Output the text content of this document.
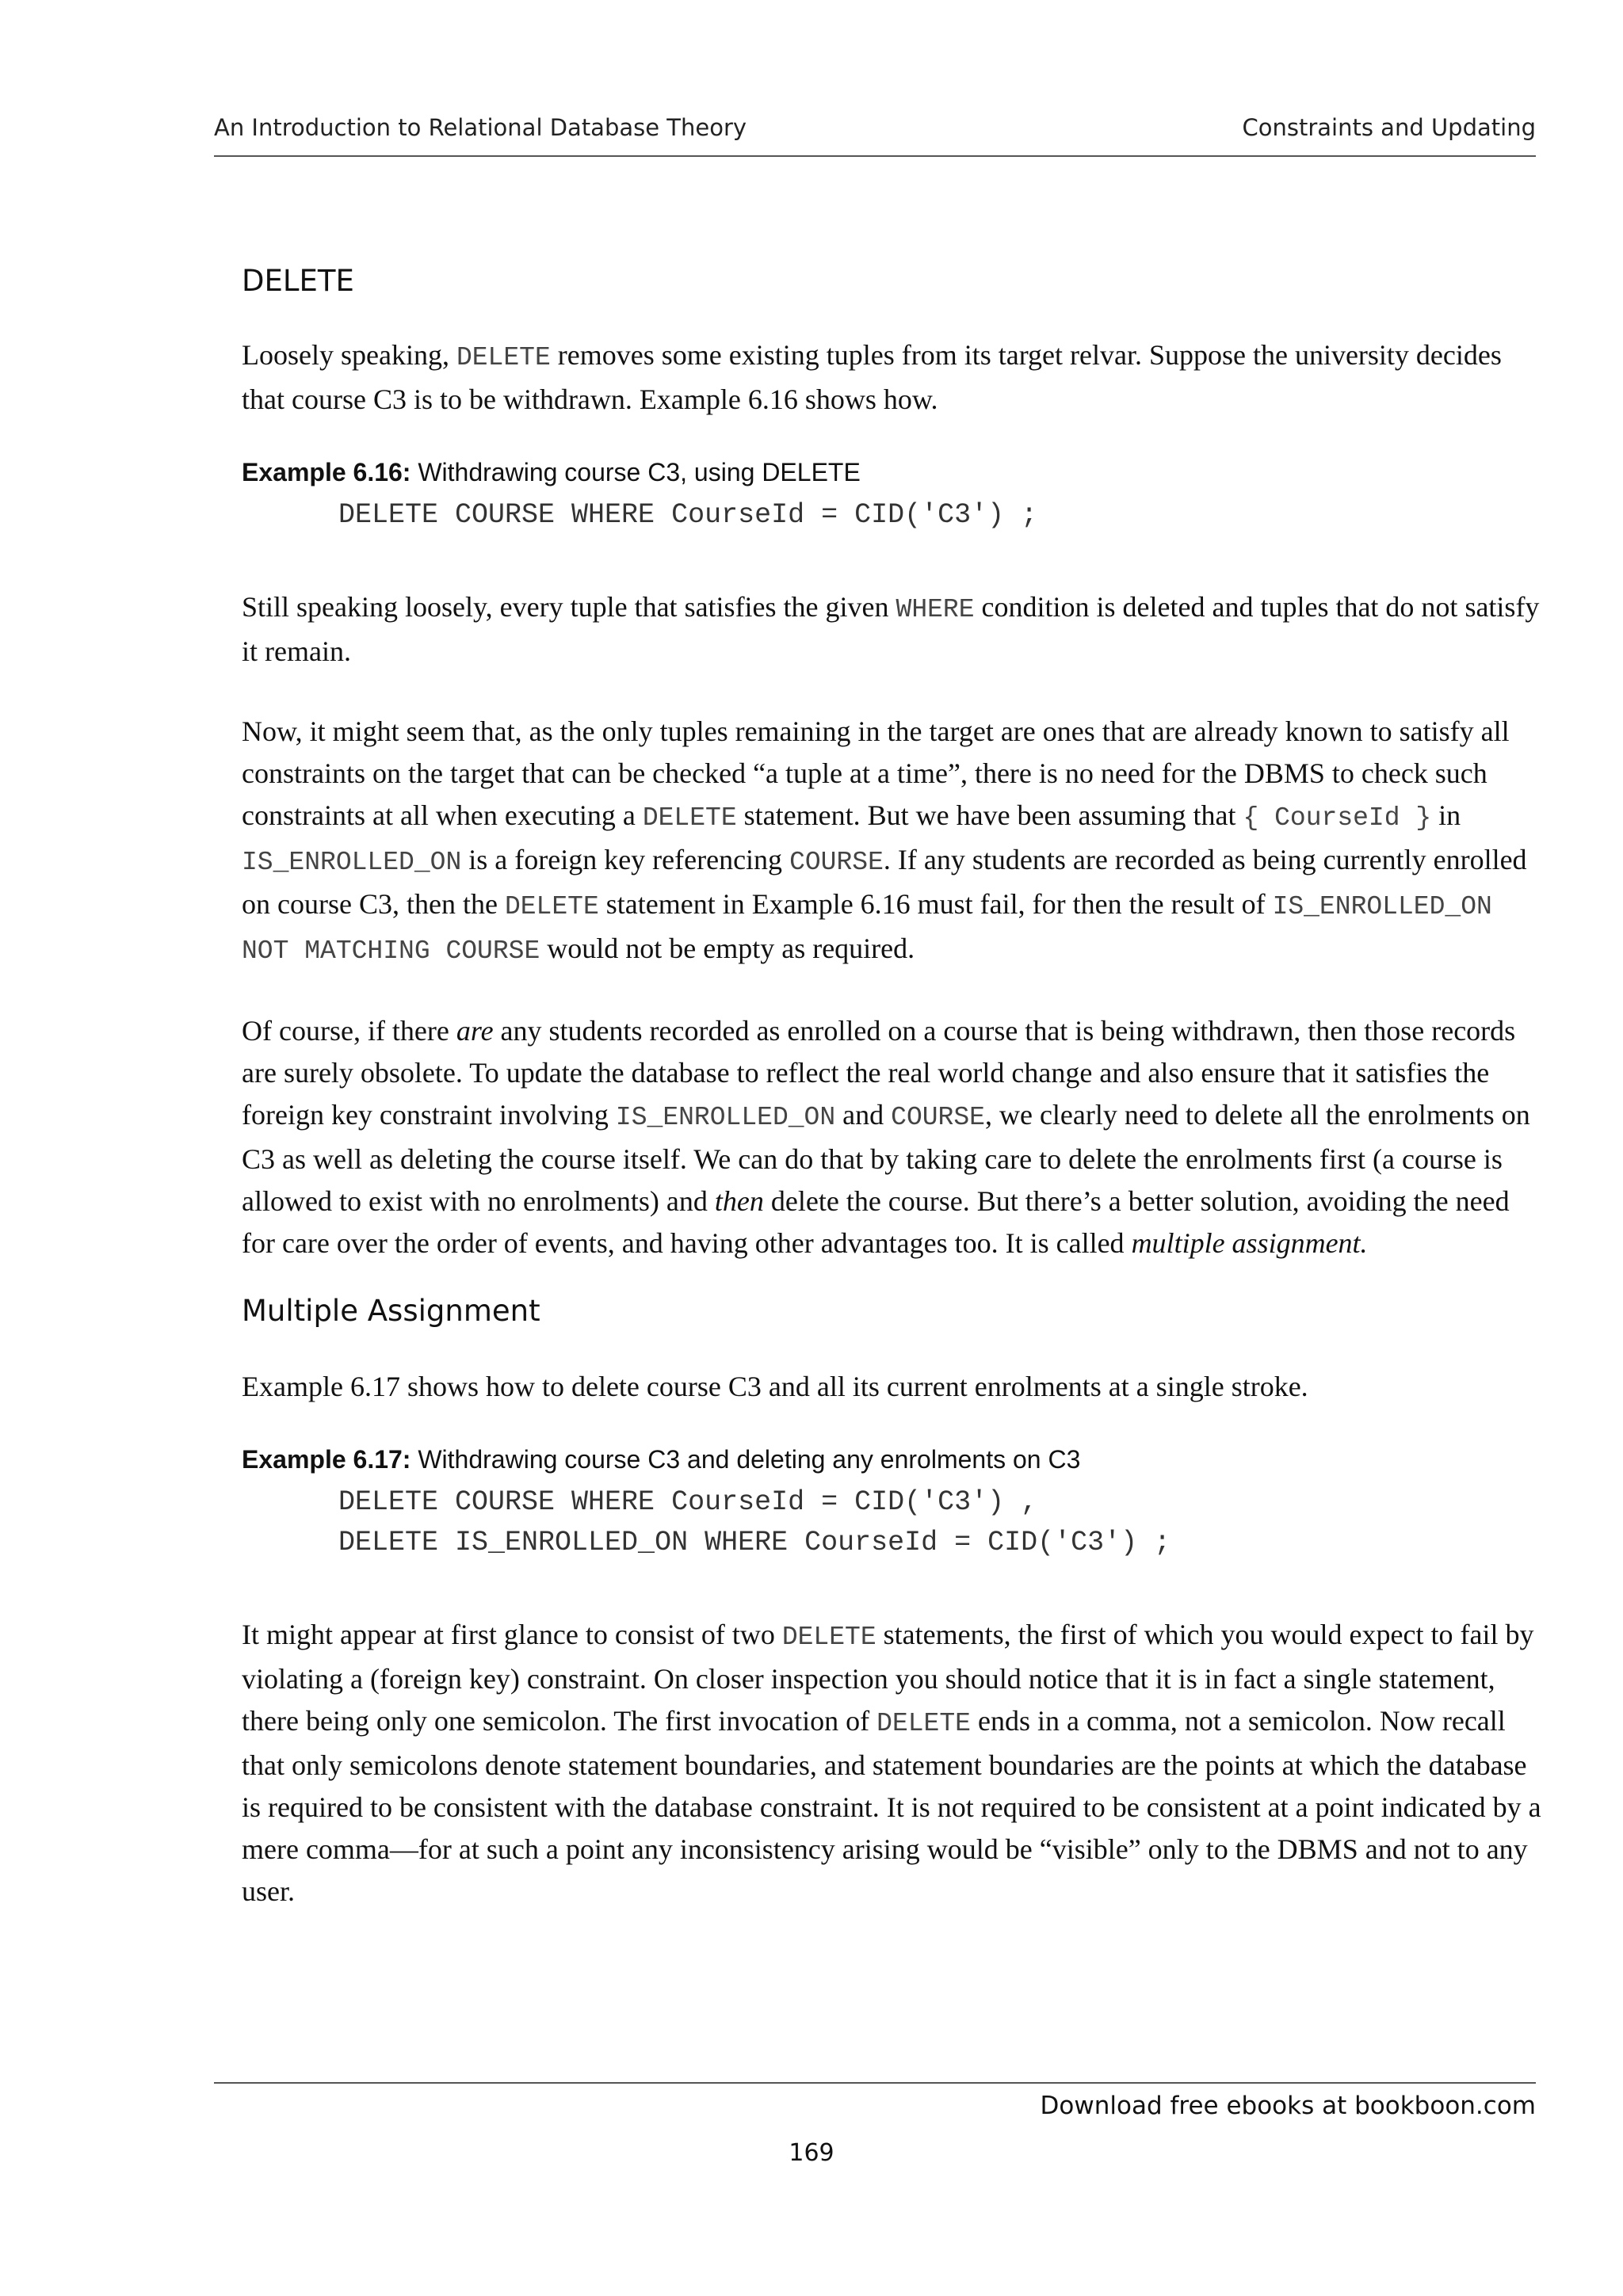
An Introduction to Relational Database Theory	Constraints and Updating
DELETE

Loosely speaking, DELETE removes some existing tuples from its target relvar. Suppose the university decides that course C3 is to be withdrawn. Example 6.16 shows how.

Example 6.16: Withdrawing course C3, using DELETE
DELETE COURSE WHERE CourseId = CID('C3') ;

Still speaking loosely, every tuple that satisfies the given WHERE condition is deleted and tuples that do not satisfy it remain.

Now, it might seem that, as the only tuples remaining in the target are ones that are already known to satisfy all constraints on the target that can be checked “a tuple at a time”, there is no need for the DBMS to check such constraints at all when executing a DELETE statement. But we have been assuming that { CourseId } in IS_ENROLLED_ON is a foreign key referencing COURSE. If any students are recorded as being currently enrolled on course C3, then the DELETE statement in Example 6.16 must fail, for then the result of IS_ENROLLED_ON NOT MATCHING COURSE would not be empty as required.

Of course, if there are any students recorded as enrolled on a course that is being withdrawn, then those records are surely obsolete. To update the database to reflect the real world change and also ensure that it satisfies the foreign key constraint involving IS_ENROLLED_ON and COURSE, we clearly need to delete all the enrolments on C3 as well as deleting the course itself. We can do that by taking care to delete the enrolments first (a course is allowed to exist with no enrolments) and then delete the course. But there’s a better solution, avoiding the need for care over the order of events, and having other advantages too. It is called multiple assignment.

Multiple Assignment

Example 6.17 shows how to delete course C3 and all its current enrolments at a single stroke.

Example 6.17: Withdrawing course C3 and deleting any enrolments on C3
DELETE COURSE WHERE CourseId = CID('C3') ,
DELETE IS_ENROLLED_ON WHERE CourseId = CID('C3') ;

It might appear at first glance to consist of two DELETE statements, the first of which you would expect to fail by violating a (foreign key) constraint. On closer inspection you should notice that it is in fact a single statement, there being only one semicolon. The first invocation of DELETE ends in a comma, not a semicolon. Now recall that only semicolons denote statement boundaries, and statement boundaries are the points at which the database is required to be consistent with the database constraint. It is not required to be consistent at a point indicated by a mere comma—for at such a point any inconsistency arising would be “visible” only to the DBMS and not to any user.

Download free ebooks at bookboon.com
169
